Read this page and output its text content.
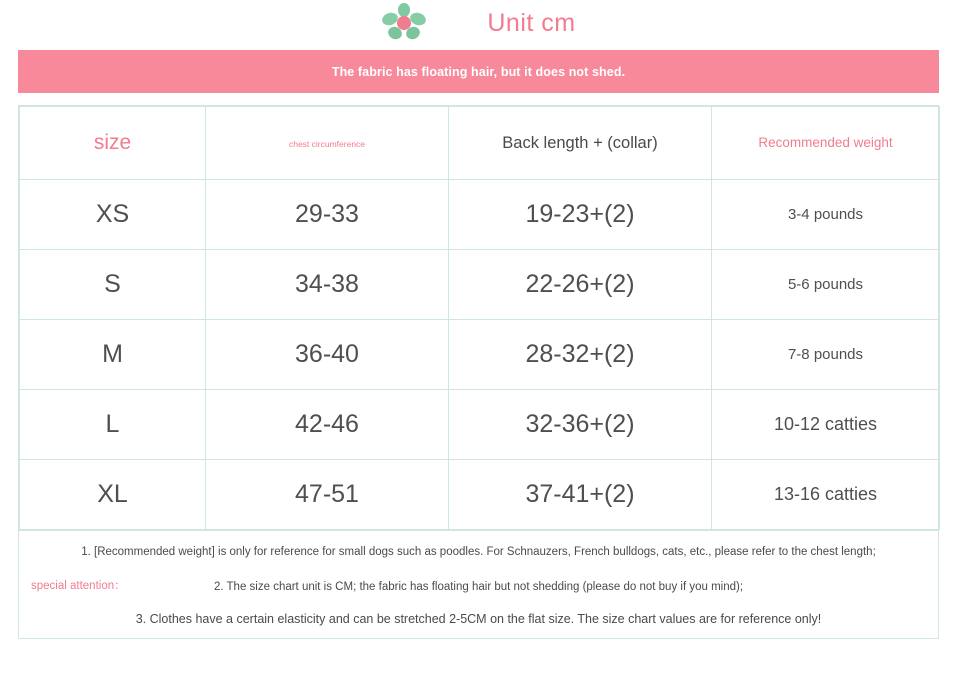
Unit cm
The fabric has floating hair, but it does not shed.
size	chest circumference	Back length + (collar)	Recommended weight
XS	29-33	19-23+(2)	3-4 pounds
S	34-38	22-26+(2)	5-6 pounds
M	36-40	28-32+(2)	7-8 pounds
L	42-46	32-36+(2)	10-12 catties
XL	47-51	37-41+(2)	13-16 catties
1. [Recommended weight] is only for reference for small dogs such as poodles. For Schnauzers, French bulldogs, cats, etc., please refer to the chest length;
special attention：	2. The size chart unit is CM; the fabric has floating hair but not shedding (please do not buy if you mind);
3. Clothes have a certain elasticity and can be stretched 2-5CM on the flat size. The size chart values are for reference only!
